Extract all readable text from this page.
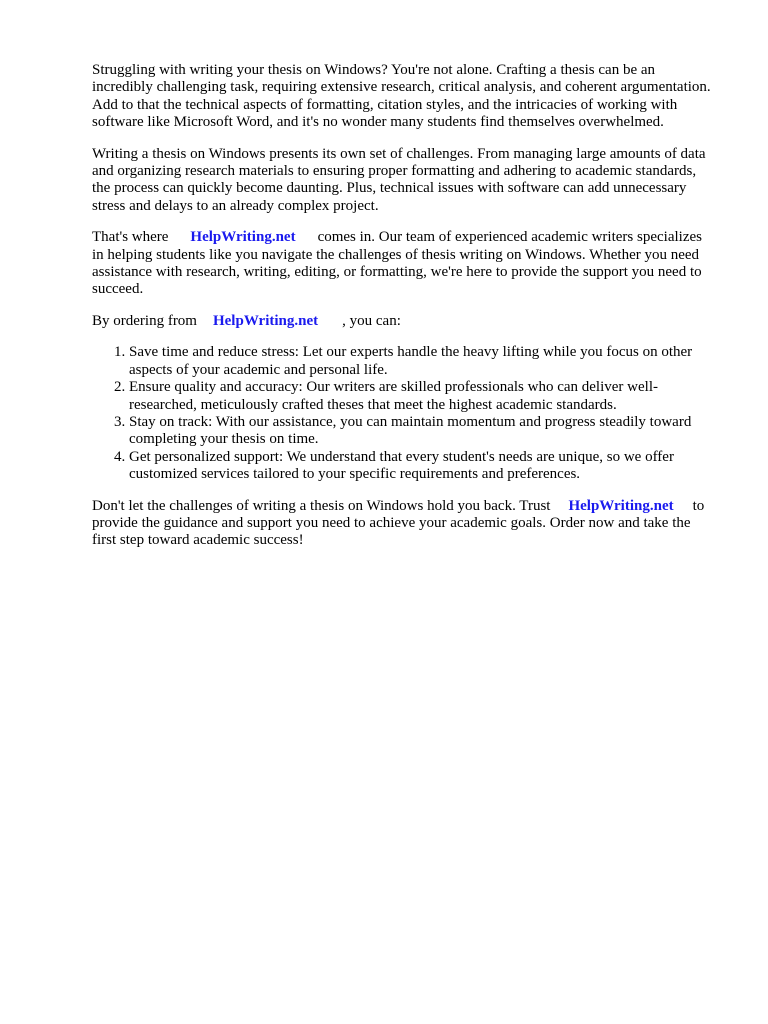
Struggling with writing your thesis on Windows? You're not alone. Crafting a thesis can be an incredibly challenging task, requiring extensive research, critical analysis, and coherent argumentation. Add to that the technical aspects of formatting, citation styles, and the intricacies of working with software like Microsoft Word, and it's no wonder many students find themselves overwhelmed.

Writing a thesis on Windows presents its own set of challenges. From managing large amounts of data and organizing research materials to ensuring proper formatting and adhering to academic standards, the process can quickly become daunting. Plus, technical issues with software can add unnecessary stress and delays to an already complex project.

That's where HelpWriting.net comes in. Our team of experienced academic writers specializes in helping students like you navigate the challenges of thesis writing on Windows. Whether you need assistance with research, writing, editing, or formatting, we're here to provide the support you need to succeed.

By ordering from HelpWriting.net , you can:

1. Save time and reduce stress: Let our experts handle the heavy lifting while you focus on other aspects of your academic and personal life.
2. Ensure quality and accuracy: Our writers are skilled professionals who can deliver well-researched, meticulously crafted theses that meet the highest academic standards.
3. Stay on track: With our assistance, you can maintain momentum and progress steadily toward completing your thesis on time.
4. Get personalized support: We understand that every student's needs are unique, so we offer customized services tailored to your specific requirements and preferences.

Don't let the challenges of writing a thesis on Windows hold you back. Trust HelpWriting.net to provide the guidance and support you need to achieve your academic goals. Order now and take the first step toward academic success!
